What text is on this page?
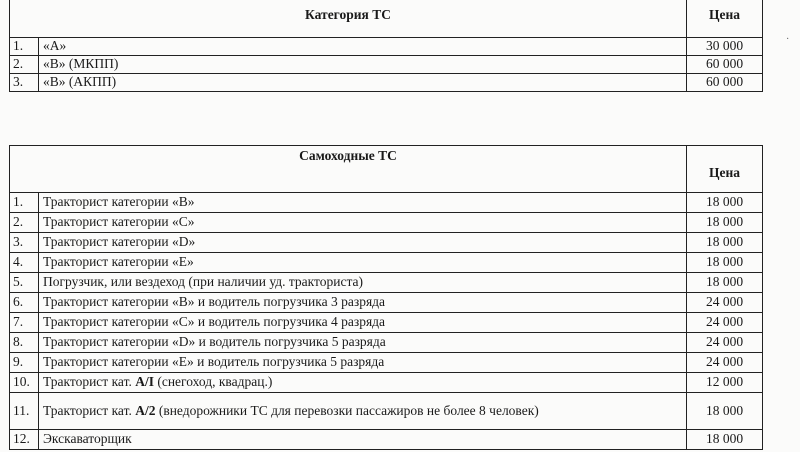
Категория ТС		Цена
1.	«А»	30 000
2.	«В» (МКПП)	60 000
3.	«В» (АКПП)	60 000
Самоходные ТС		Цена
1.	Тракторист категории «В»	18 000
2.	Тракторист категории «С»	18 000
3.	Тракторист категории «D»	18 000
4.	Тракторист категории «Е»	18 000
5.	Погрузчик, или вездеход (при наличии уд. тракториста)	18 000
6.	Тракторист категории «В» и водитель погрузчика 3 разряда	24 000
7.	Тракторист категории «С» и водитель погрузчика 4 разряда	24 000
8.	Тракторист категории «D» и водитель погрузчика 5 разряда	24 000
9.	Тракторист категории «Е» и водитель погрузчика 5 разряда	24 000
10.	Тракторист кат. А/I (снегоход, квадрац.)	12 000
11.	Тракторист кат. А/2 (внедорожники ТС для перевозки пассажиров не более 8 человек)	18 000
12.	Экскаваторщик	18 000
·
